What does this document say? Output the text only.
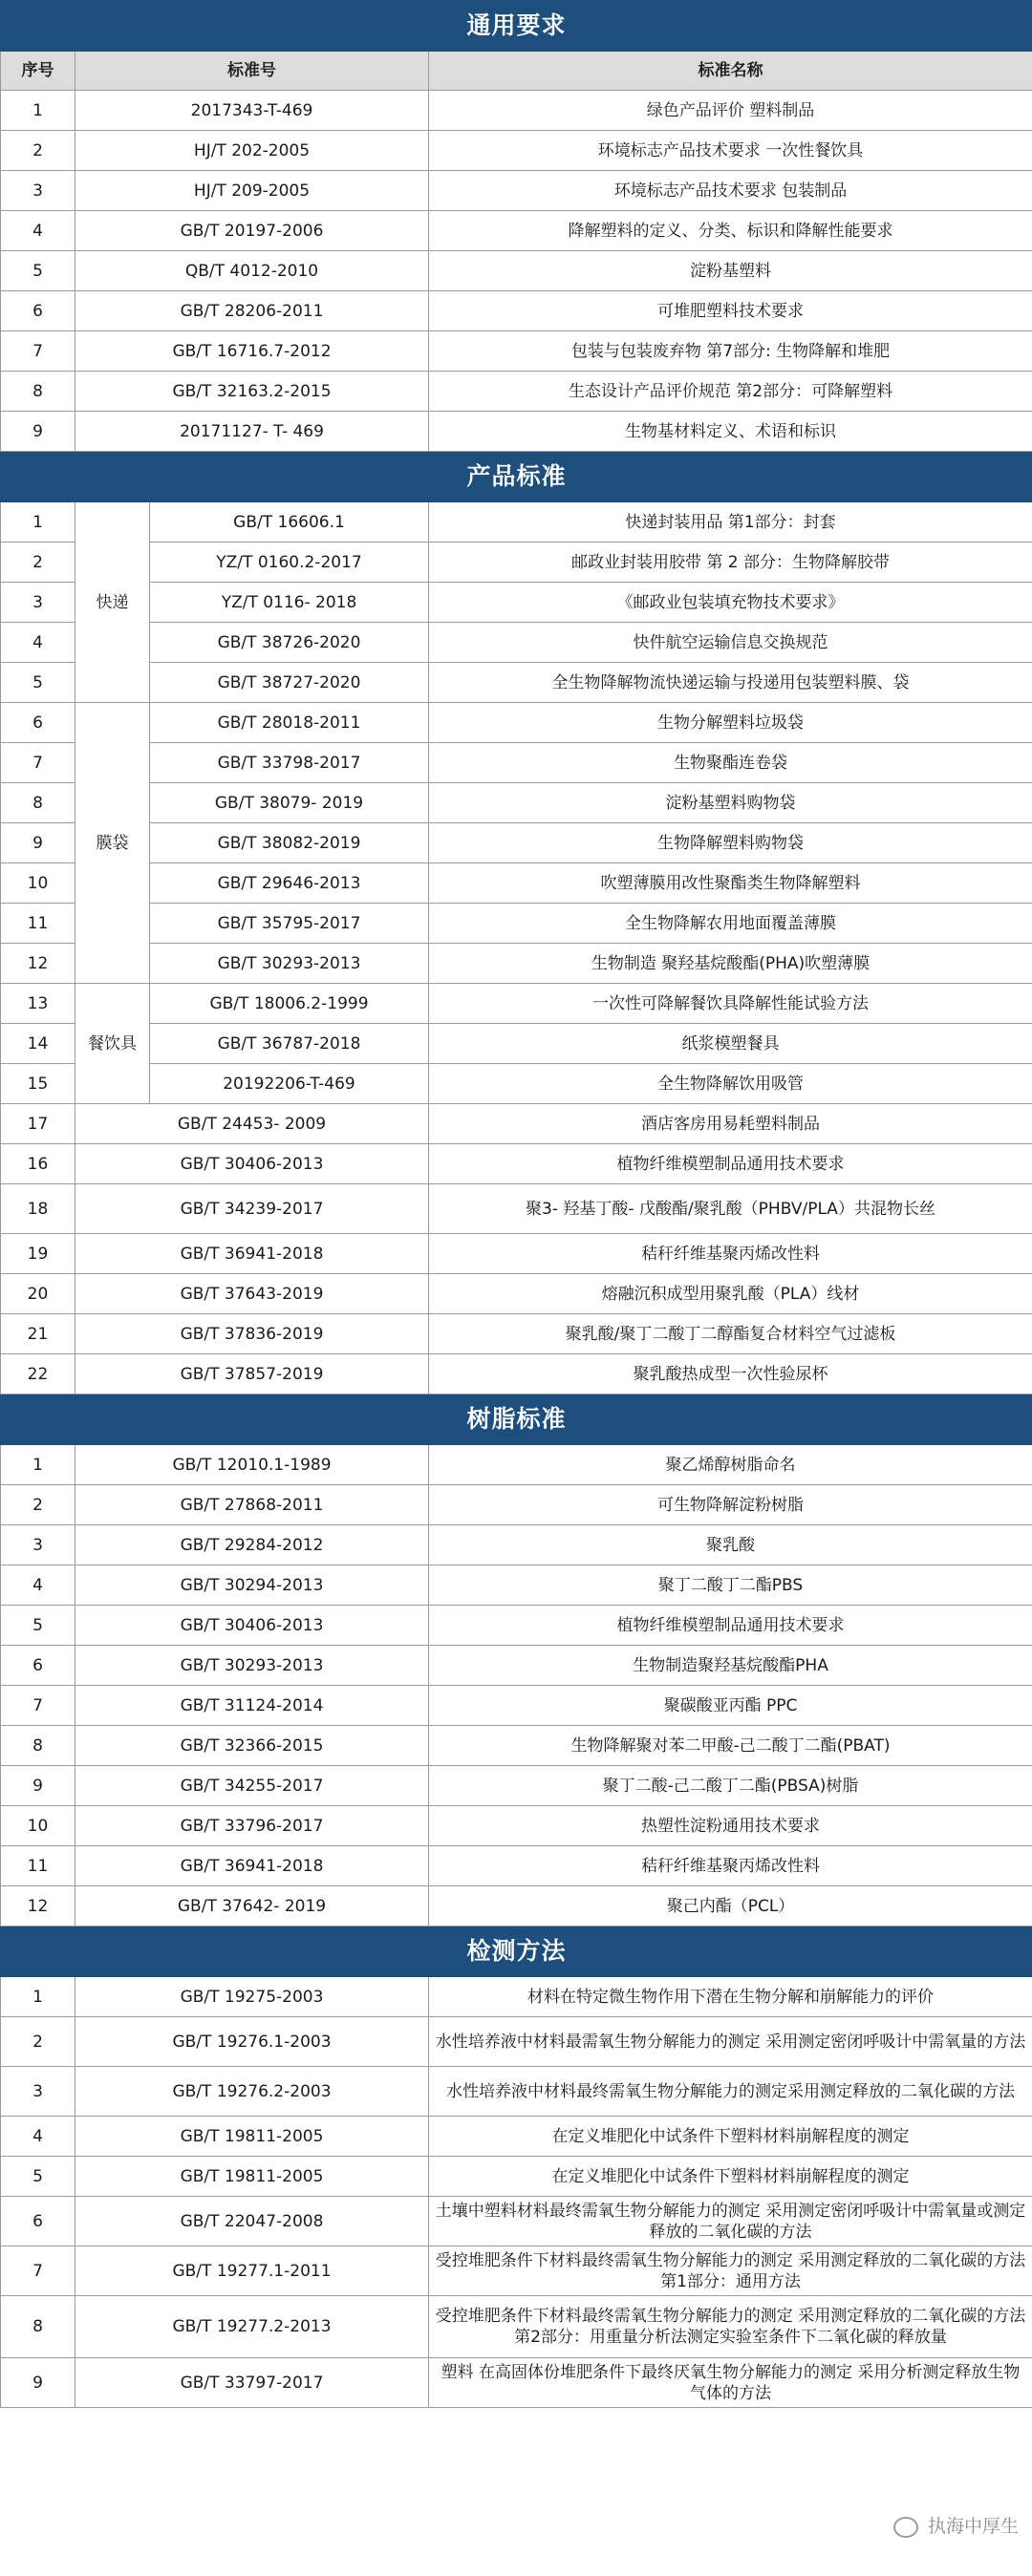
通用要求			
序号	标准号		标准名称
1	2017343-T-469		绿色产品评价 塑料制品
2	HJ/T 202-2005		环境标志产品技术要求 一次性餐饮具
3	HJ/T 209-2005		环境标志产品技术要求 包装制品
4	GB/T 20197-2006		降解塑料的定义、分类、标识和降解性能要求
5	QB/T 4012-2010		淀粉基塑料
6	GB/T 28206-2011		可堆肥塑料技术要求
7	GB/T 16716.7-2012		包装与包装废弃物 第7部分: 生物降解和堆肥
8	GB/T 32163.2-2015		生态设计产品评价规范 第2部分：可降解塑料
9	20171127- T- 469		生物基材料定义、术语和标识
产品标准			
1	快递	GB/T 16606.1	快递封装用品 第1部分：封套
2		YZ/T 0160.2-2017	邮政业封装用胶带 第 2 部分：生物降解胶带
3		YZ/T 0116- 2018	《邮政业包装填充物技术要求》
4		GB/T 38726-2020	快件航空运输信息交换规范
5		GB/T 38727-2020	全生物降解物流快递运输与投递用包装塑料膜、袋
6	膜袋	GB/T 28018-2011	生物分解塑料垃圾袋
7		GB/T 33798-2017	生物聚酯连卷袋
8		GB/T 38079- 2019	淀粉基塑料购物袋
9		GB/T 38082-2019	生物降解塑料购物袋
10		GB/T 29646-2013	吹塑薄膜用改性聚酯类生物降解塑料
11		GB/T 35795-2017	全生物降解农用地面覆盖薄膜
12		GB/T 30293-2013	生物制造 聚羟基烷酸酯(PHA)吹塑薄膜
13	餐饮具	GB/T 18006.2-1999	一次性可降解餐饮具降解性能试验方法
14		GB/T 36787-2018	纸浆模塑餐具
15		20192206-T-469	全生物降解饮用吸管
17	GB/T 24453- 2009		酒店客房用易耗塑料制品
16	GB/T 30406-2013		植物纤维模塑制品通用技术要求
18	GB/T 34239-2017		聚3- 羟基丁酸- 戊酸酯/聚乳酸（PHBV/PLA）共混物长丝
19	GB/T 36941-2018		秸秆纤维基聚丙烯改性料
20	GB/T 37643-2019		熔融沉积成型用聚乳酸（PLA）线材
21	GB/T 37836-2019		聚乳酸/聚丁二酸丁二醇酯复合材料空气过滤板
22	GB/T 37857-2019		聚乳酸热成型一次性验尿杯
树脂标准			
1	GB/T 12010.1-1989		聚乙烯醇树脂命名
2	GB/T 27868-2011		可生物降解淀粉树脂
3	GB/T 29284-2012		聚乳酸
4	GB/T 30294-2013		聚丁二酸丁二酯PBS
5	GB/T 30406-2013		植物纤维模塑制品通用技术要求
6	GB/T 30293-2013		生物制造聚羟基烷酸酯PHA
7	GB/T 31124-2014		聚碳酸亚丙酯 PPC
8	GB/T 32366-2015		生物降解聚对苯二甲酸-己二酸丁二酯(PBAT)
9	GB/T 34255-2017		聚丁二酸-己二酸丁二酯(PBSA)树脂
10	GB/T 33796-2017		热塑性淀粉通用技术要求
11	GB/T 36941-2018		秸秆纤维基聚丙烯改性料
12	GB/T 37642- 2019		聚己内酯（PCL）
检测方法			
1	GB/T 19275-2003		材料在特定微生物作用下潜在生物分解和崩解能力的评价
2	GB/T 19276.1-2003		水性培养液中材料最需氧生物分解能力的测定 采用测定密闭呼吸计中需氧量的方法
3	GB/T 19276.2-2003		水性培养液中材料最终需氧生物分解能力的测定采用测定释放的二氧化碳的方法
4	GB/T 19811-2005		在定义堆肥化中试条件下塑料材料崩解程度的测定
5	GB/T 19811-2005		在定义堆肥化中试条件下塑料材料崩解程度的测定
6	GB/T 22047-2008		土壤中塑料材料最终需氧生物分解能力的测定 采用测定密闭呼吸计中需氧量或测定释放的二氧化碳的方法
7	GB/T 19277.1-2011		受控堆肥条件下材料最终需氧生物分解能力的测定 采用测定释放的二氧化碳的方法 第1部分：通用方法
8	GB/T 19277.2-2013		受控堆肥条件下材料最终需氧生物分解能力的测定 采用测定释放的二氧化碳的方法 第2部分：用重量分析法测定实验室条件下二氧化碳的释放量
9	GB/T 33797-2017		塑料 在高固体份堆肥条件下最终厌氧生物分解能力的测定 采用分析测定释放生物气体的方法
执海中厚生
